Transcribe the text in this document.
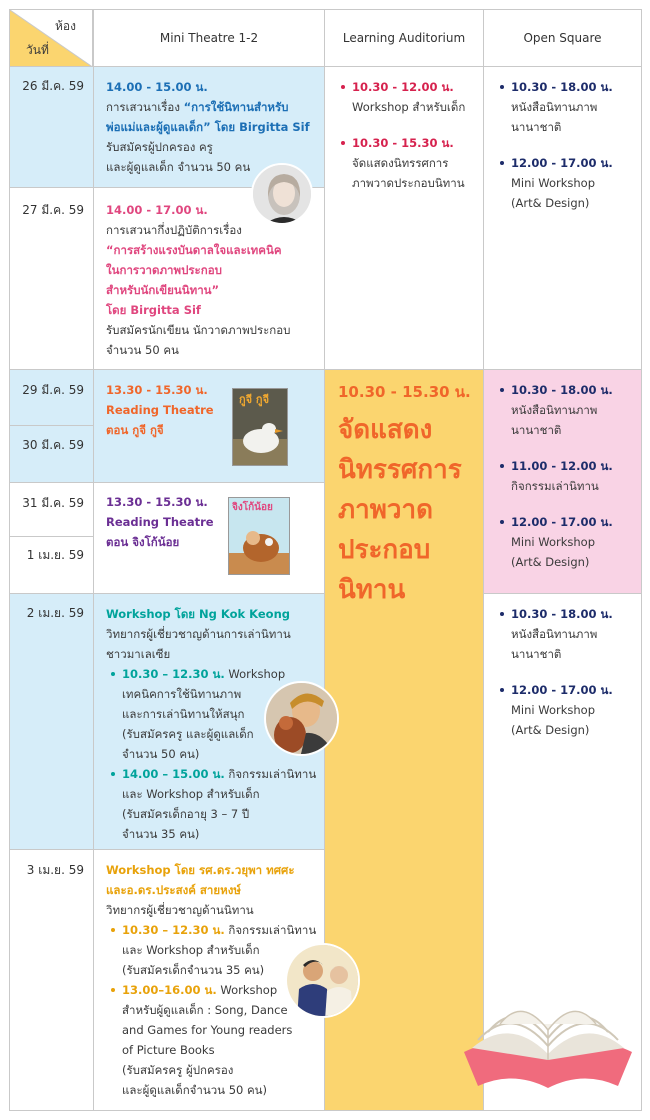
ห้อง
วันที่
Mini Theatre 1-2	Learning Auditorium	Open Square
26 มี.ค. 59
27 มี.ค. 59
29 มี.ค. 59
30 มี.ค. 59
31 มี.ค. 59
1 เม.ย. 59
2 เม.ย. 59
3 เม.ย. 59
14.00 - 15.00 น.
การเสวนาเรื่อง “การใช้นิทานสำหรับ
พ่อแม่และผู้ดูแลเด็ก” โดย Birgitta Sif
รับสมัครผู้ปกครอง ครู
และผู้ดูแลเด็ก จำนวน 50 คน
14.00 - 17.00 น.
การเสวนากึ่งปฏิบัติการเรื่อง
“การสร้างแรงบันดาลใจและเทคนิค
ในการวาดภาพประกอบ
สำหรับนักเขียนนิทาน”
โดย Birgitta Sif
รับสมัครนักเขียน นักวาดภาพประกอบ
จำนวน 50 คน
13.30 - 15.30 น.
Reading Theatre
ตอน กูจี กูจี
กูจี กูจี
13.30 - 15.30 น.
Reading Theatre
ตอน จิงโก้น้อย
จิงโก้น้อย
Workshop โดย Ng Kok Keong
วิทยากรผู้เชี่ยวชาญด้านการเล่านิทาน
ชาวมาเลเซีย
10.30 – 12.30 น. Workshop
เทคนิคการใช้นิทานภาพ
และการเล่านิทานให้สนุก
(รับสมัครครู และผู้ดูแลเด็ก
จำนวน 50 คน)
14.00 – 15.00 น. กิจกรรมเล่านิทาน
และ Workshop สำหรับเด็ก
(รับสมัครเด็กอายุ 3 – 7 ปี
จำนวน 35 คน)
Workshop โดย รศ.ดร.วยุพา ทศศะ
และอ.ดร.ประสงค์ สายหงษ์
วิทยากรผู้เชี่ยวชาญด้านนิทาน
10.30 – 12.30 น. กิจกรรมเล่านิทาน
และ Workshop สำหรับเด็ก
(รับสมัครเด็กจำนวน 35 คน)
13.00–16.00 น. Workshop
สำหรับผู้ดูแลเด็ก : Song, Dance
and Games for Young readers
of Picture Books
(รับสมัครครู ผู้ปกครอง
และผู้ดูแลเด็กจำนวน 50 คน)
10.30 - 12.00 น.
Workshop สำหรับเด็ก
10.30 - 15.30 น.
จัดแสดงนิทรรศการ
ภาพวาดประกอบนิทาน
10.30 - 15.30 น.
จัดแสดง
นิทรรศการ
ภาพวาด
ประกอบ
นิทาน
10.30 - 18.00 น.
หนังสือนิทานภาพ
นานาชาติ
12.00 - 17.00 น.
Mini Workshop
(Art& Design)
10.30 - 18.00 น.
หนังสือนิทานภาพ
นานาชาติ
11.00 - 12.00 น.
กิจกรรมเล่านิทาน
12.00 - 17.00 น.
Mini Workshop
(Art& Design)
10.30 - 18.00 น.
หนังสือนิทานภาพ
นานาชาติ
12.00 - 17.00 น.
Mini Workshop
(Art& Design)
